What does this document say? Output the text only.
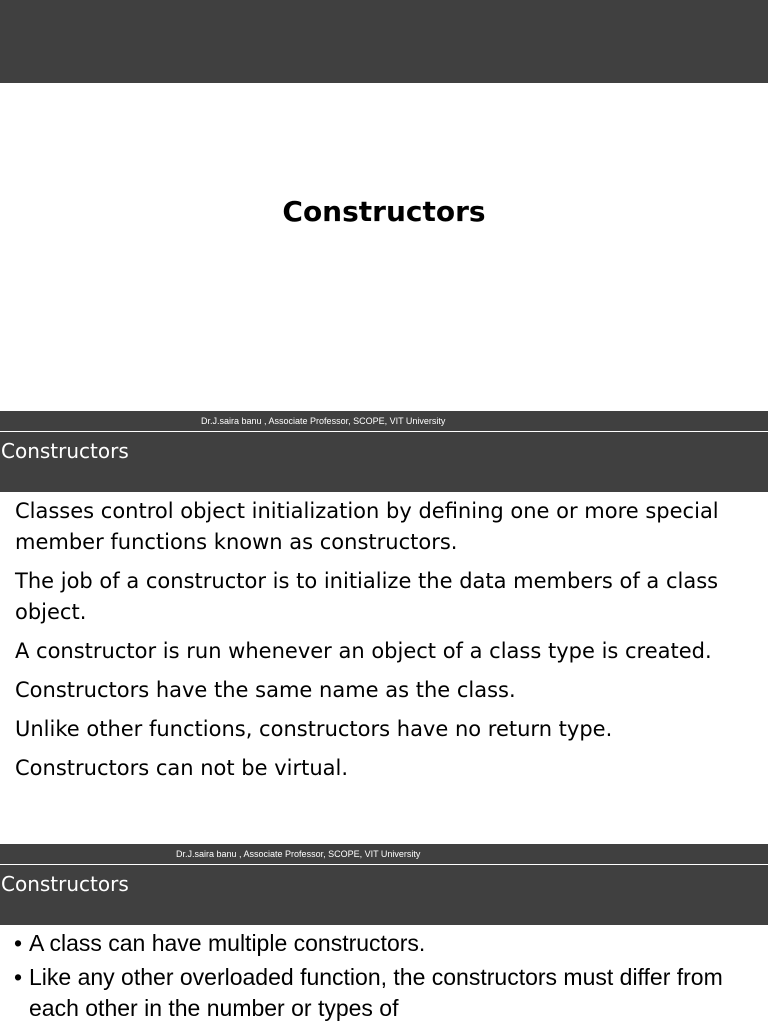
Constructors
Dr.J.saira banu , Associate Professor, SCOPE, VIT University
Constructors

Classes control object initialization by defining one or more special member functions known as constructors.

The job of a constructor is to initialize the data members of a class object.

A constructor is run whenever an object of a class type is created.

Constructors have the same name as the class.

Unlike other functions, constructors have no return type.

Constructors can not be virtual.

Dr.J.saira banu , Associate Professor, SCOPE, VIT University
Constructors
• A class can have multiple constructors.
• Like any other overloaded function, the constructors must differ from each other in the number or types of
